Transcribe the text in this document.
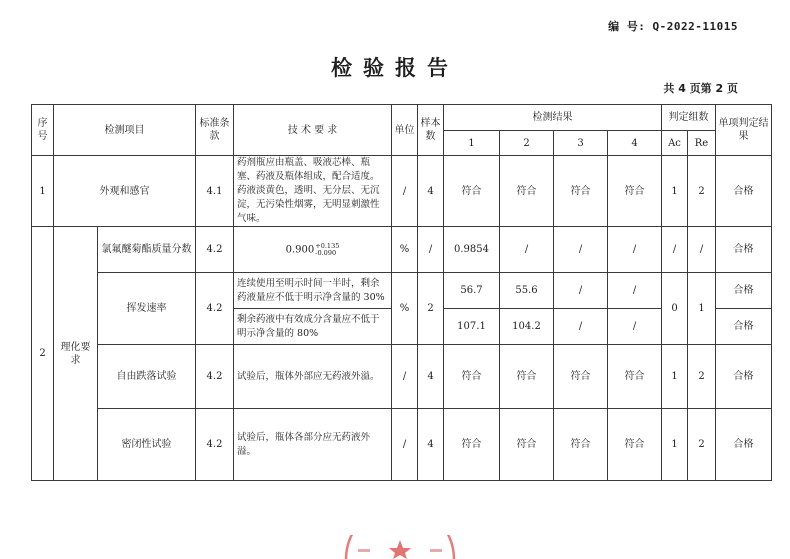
编 号: Q-2022-11015
检验报告
共 4 页第 2 页
序号	检测项目		标准条款	技 术 要 求	单位	样本数	检测结果				判定组数		单项判定结果
							1	2	3	4	Ac	Re	
1	外观和感官		4.1	药剂瓶应由瓶盖、吸液芯棒、瓶塞、药液及瓶体组成，配合适度。药液淡黄色，透明、无分层、无沉淀，无污染性烟雾，无明显刺激性气味。	/	4	符合	符合	符合	符合	1	2	合格
2	理化要求	氯氟醚菊酯质量分数	4.2	0.900+0.135
-0.090	%	/	0.9854	/	/	/	/	/	合格
		挥发速率	4.2	连续使用至明示时间一半时，剩余药液量应不低于明示净含量的 30%	%	2	56.7	55.6	/	/	0	1	合格
				剩余药液中有效成分含量应不低于明示净含量的 80%			107.1	104.2	/	/			合格
		自由跌落试验	4.2	试验后，瓶体外部应无药液外溢。	/	4	符合	符合	符合	符合	1	2	合格
		密闭性试验	4.2	试验后，瓶体各部分应无药液外溢。	/	4	符合	符合	符合	符合	1	2	合格
